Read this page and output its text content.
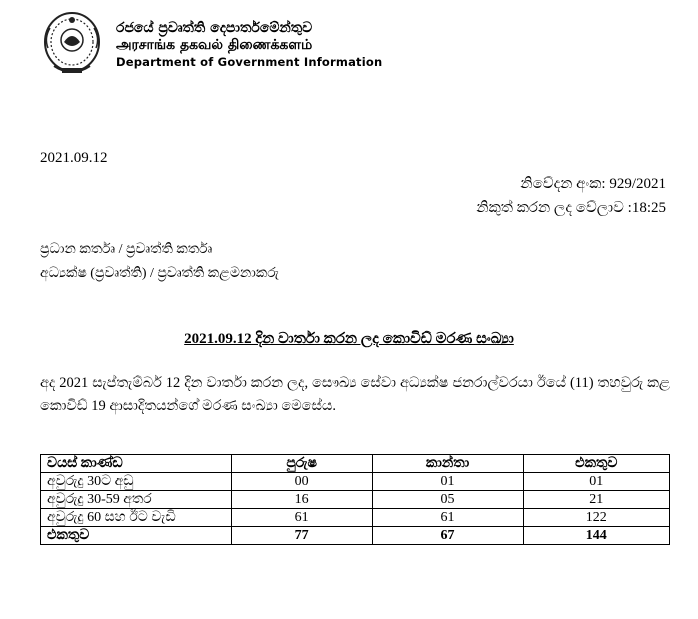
රජයේ ප්‍රවෘත්ති දෙපාර්තමේන්තුව
அரசாங்க தகவல் திணைக்களம்
Department of Government Information
2021.09.12
නිවේදන අංක: 929/2021
නිකුත් කරන ලද වේලාව :18:25
ප්‍රධාන කර්තෘ / ප්‍රවෘත්ති කර්තෘ
අධ්‍යක්ෂ (ප්‍රවෘත්ති) / ප්‍රවෘත්ති කළමනාකරු
2021.09.12 දින වාර්තා කරන ලද කොවිඩ් මරණ සංඛ්‍යා
අද 2021 සැප්තැම්බර් 12 දින වාර්තා කරන ලද, සෞඛ්‍ය සේවා අධ්‍යක්ෂ ජනරාල්වරයා ඊයේ (11) තහවුරු කළ කොවිඩ් 19 ආසාදිතයන්ගේ මරණ සංඛ්‍යා මෙසේය.
වයස් කාණ්ඩ	පුරුෂ	කාන්තා	එකතුව
අවුරුදු 30ට අඩු	00	01	01
අවුරුදු 30-59 අතර	16	05	21
අවුරුදු 60 සහ ඊට වැඩි	61	61	122
එකතුව	77	67	144
